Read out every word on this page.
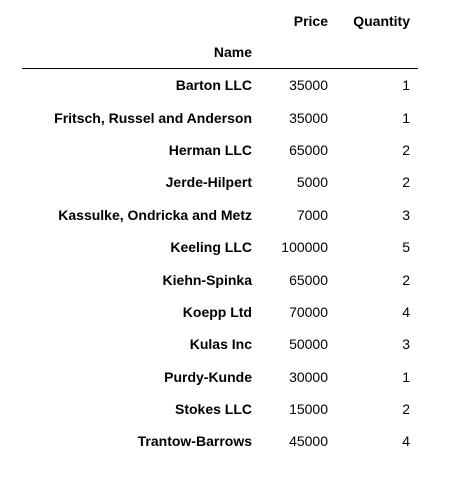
	Price	Quantity
Name		
Barton LLC	35000	1
Fritsch, Russel and Anderson	35000	1
Herman LLC	65000	2
Jerde-Hilpert	5000	2
Kassulke, Ondricka and Metz	7000	3
Keeling LLC	100000	5
Kiehn-Spinka	65000	2
Koepp Ltd	70000	4
Kulas Inc	50000	3
Purdy-Kunde	30000	1
Stokes LLC	15000	2
Trantow-Barrows	45000	4
